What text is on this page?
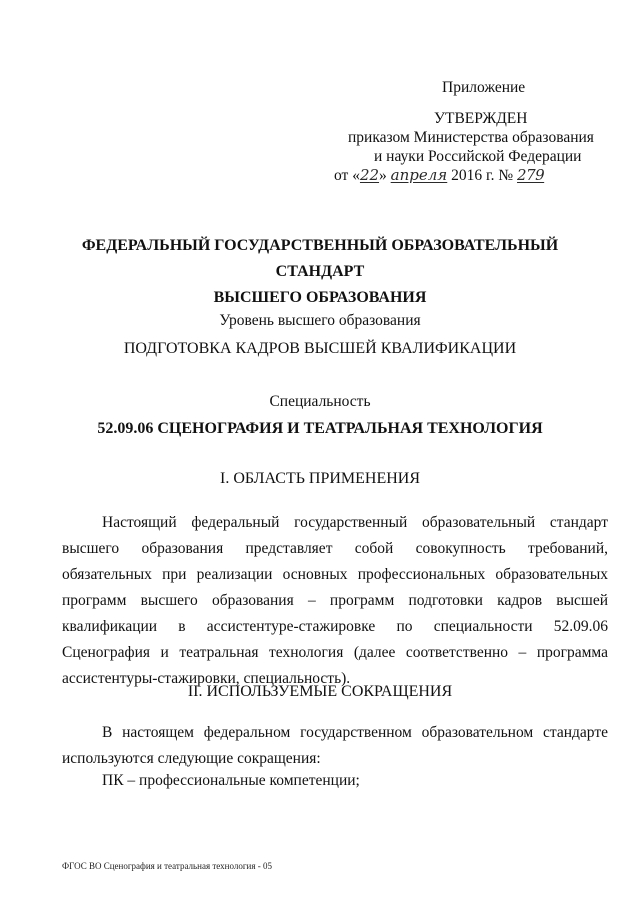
Приложение
УТВЕРЖДЕН
приказом Министерства образования
и науки Российской Федерации
от «22» апреля 2016 г. № 279
ФЕДЕРАЛЬНЫЙ ГОСУДАРСТВЕННЫЙ ОБРАЗОВАТЕЛЬНЫЙ СТАНДАРТ
ВЫСШЕГО ОБРАЗОВАНИЯ
Уровень высшего образования
ПОДГОТОВКА КАДРОВ ВЫСШЕЙ КВАЛИФИКАЦИИ
Специальность
52.09.06 СЦЕНОГРАФИЯ И ТЕАТРАЛЬНАЯ ТЕХНОЛОГИЯ
I. ОБЛАСТЬ ПРИМЕНЕНИЯ
Настоящий федеральный государственный образовательный стандарт высшего образования представляет собой совокупность требований, обязательных при реализации основных профессиональных образовательных программ высшего образования – программ подготовки кадров высшей квалификации в ассистентуре-стажировке по специальности 52.09.06 Сценография и театральная технология (далее соответственно – программа ассистентуры-стажировки, специальность).
II. ИСПОЛЬЗУЕМЫЕ СОКРАЩЕНИЯ
В настоящем федеральном государственном образовательном стандарте используются следующие сокращения:
ПК – профессиональные компетенции;
ФГОС ВО Сценография и театральная технология - 05
